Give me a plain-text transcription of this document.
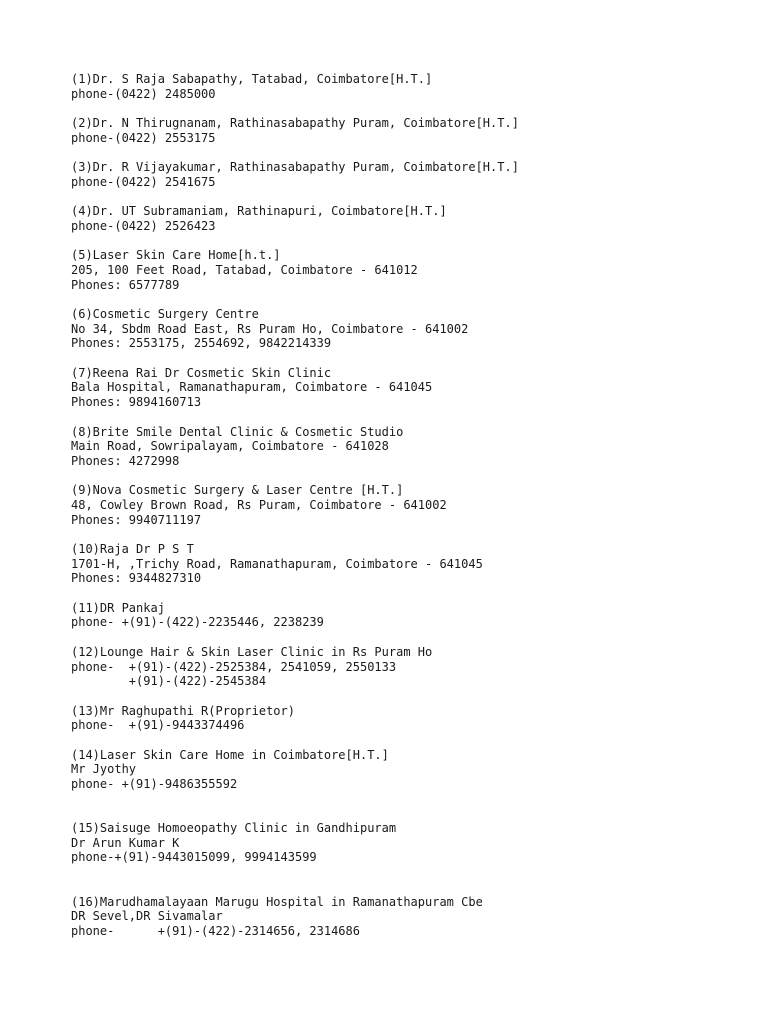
(1)Dr. S Raja Sabapathy, Tatabad, Coimbatore[H.T.]
phone-(0422) 2485000
(2)Dr. N Thirugnanam, Rathinasabapathy Puram, Coimbatore[H.T.]
phone-(0422) 2553175
(3)Dr. R Vijayakumar, Rathinasabapathy Puram, Coimbatore[H.T.]
phone-(0422) 2541675
(4)Dr. UT Subramaniam, Rathinapuri, Coimbatore[H.T.]
phone-(0422) 2526423
(5)Laser Skin Care Home[h.t.]
205, 100 Feet Road, Tatabad, Coimbatore - 641012
Phones: 6577789
(6)Cosmetic Surgery Centre
No 34, Sbdm Road East, Rs Puram Ho, Coimbatore - 641002
Phones: 2553175, 2554692, 9842214339
(7)Reena Rai Dr Cosmetic Skin Clinic
Bala Hospital, Ramanathapuram, Coimbatore - 641045
Phones: 9894160713
(8)Brite Smile Dental Clinic & Cosmetic Studio
Main Road, Sowripalayam, Coimbatore - 641028
Phones: 4272998
(9)Nova Cosmetic Surgery & Laser Centre [H.T.]
48, Cowley Brown Road, Rs Puram, Coimbatore - 641002
Phones: 9940711197
(10)Raja Dr P S T
1701-H, ,Trichy Road, Ramanathapuram, Coimbatore - 641045
Phones: 9344827310
(11)DR Pankaj
phone- +(91)-(422)-2235446, 2238239
(12)Lounge Hair & Skin Laser Clinic in Rs Puram Ho
phone-  +(91)-(422)-2525384, 2541059, 2550133
+(91)-(422)-2545384
(13)Mr Raghupathi R(Proprietor)
phone-  +(91)-9443374496
(14)Laser Skin Care Home in Coimbatore[H.T.]
Mr Jyothy
phone- +(91)-9486355592
(15)Saisuge Homoeopathy Clinic in Gandhipuram
Dr Arun Kumar K
phone-+(91)-9443015099, 9994143599
(16)Marudhamalayaan Marugu Hospital in Ramanathapuram Cbe
DR Sevel,DR Sivamalar
phone-      +(91)-(422)-2314656, 2314686
